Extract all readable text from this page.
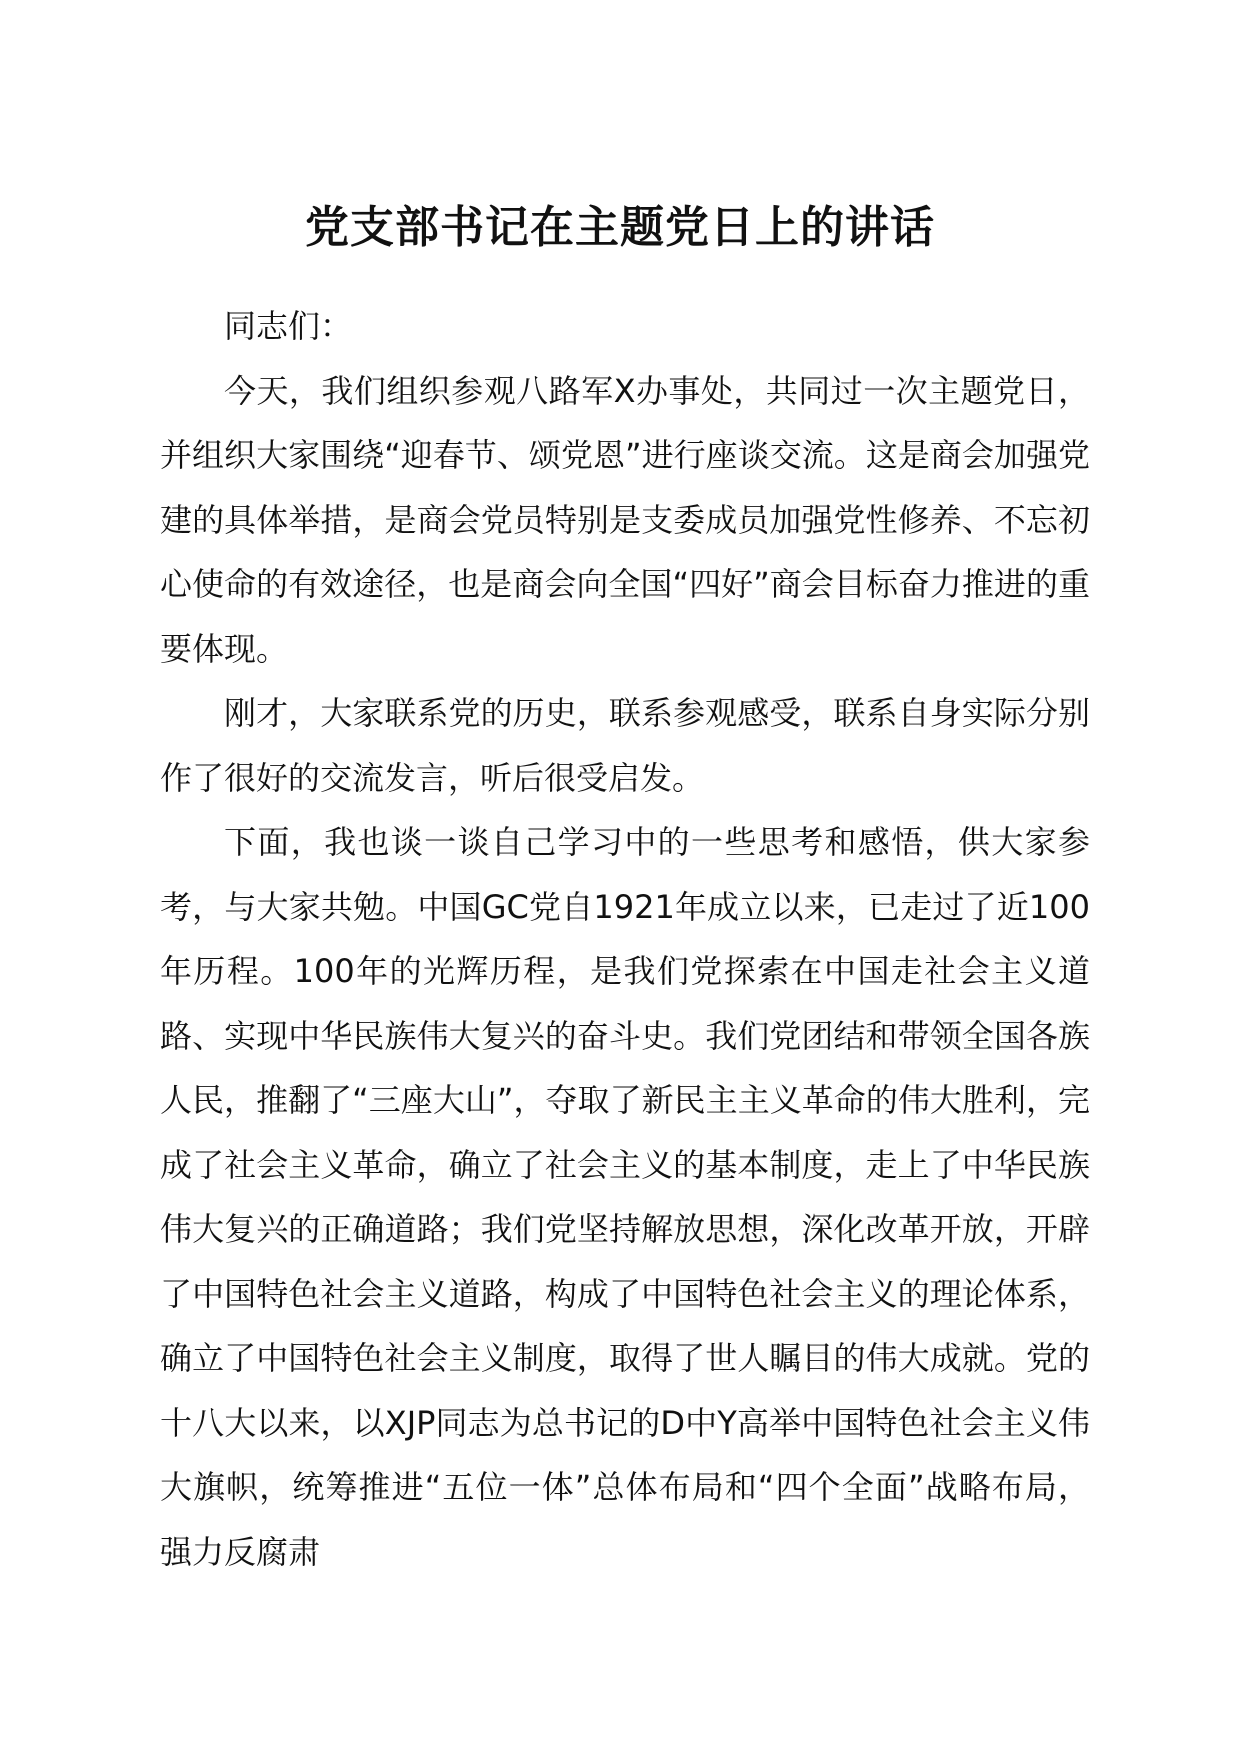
党支部书记在主题党日上的讲话

同志们：

今天，我们组织参观八路军X办事处，共同过一次主题党日，并组织大家围绕“迎春节、颂党恩”进行座谈交流。这是商会加强党建的具体举措，是商会党员特别是支委成员加强党性修养、不忘初心使命的有效途径，也是商会向全国“四好”商会目标奋力推进的重要体现。

刚才，大家联系党的历史，联系参观感受，联系自身实际分别作了很好的交流发言，听后很受启发。

下面，我也谈一谈自己学习中的一些思考和感悟，供大家参考，与大家共勉。中国GC党自1921年成立以来，已走过了近100年历程。100年的光辉历程，是我们党探索在中国走社会主义道路、实现中华民族伟大复兴的奋斗史。我们党团结和带领全国各族人民，推翻了“三座大山”，夺取了新民主主义革命的伟大胜利，完成了社会主义革命，确立了社会主义的基本制度，走上了中华民族伟大复兴的正确道路；我们党坚持解放思想，深化改革开放，开辟了中国特色社会主义道路，构成了中国特色社会主义的理论体系，确立了中国特色社会主义制度，取得了世人瞩目的伟大成就。党的十八大以来，以XJP同志为总书记的D中Y高举中国特色社会主义伟大旗帜，统筹推进“五位一体”总体布局和“四个全面”战略布局，强力反腐肃
